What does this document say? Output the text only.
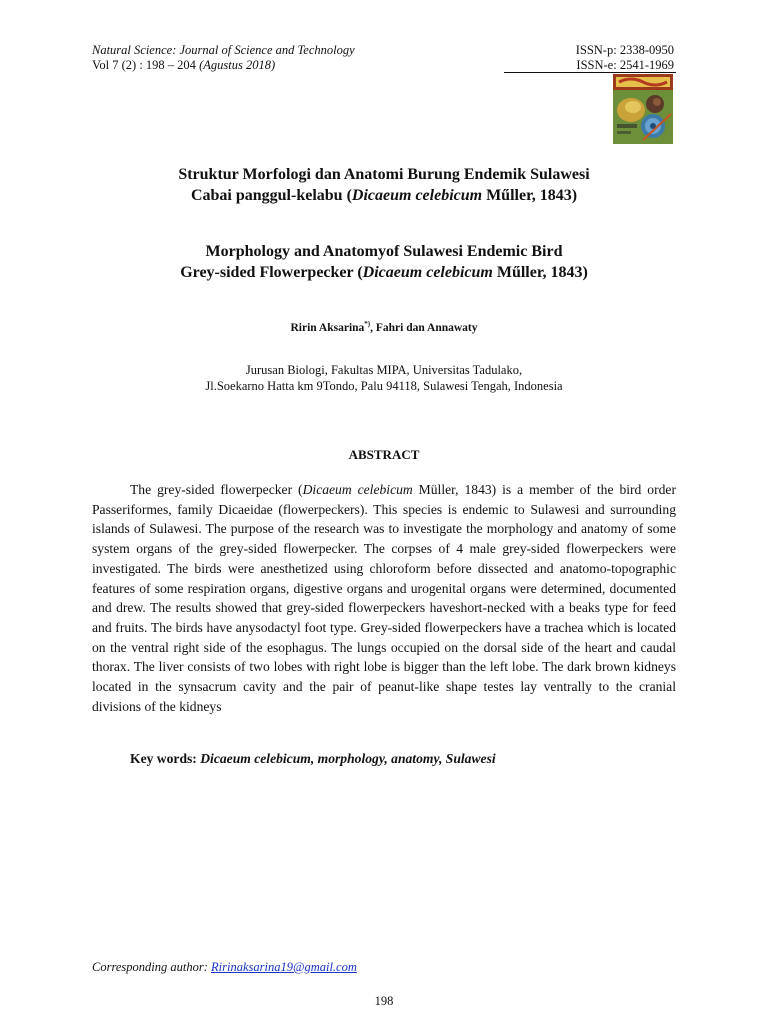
Natural Science: Journal of Science and Technology
Vol 7 (2) : 198 – 204 (Agustus 2018)
ISSN-p: 2338-0950
ISSN-e: 2541-1969
Struktur Morfologi dan Anatomi Burung Endemik Sulawesi
Cabai panggul-kelabu (Dicaeum celebicum Műller, 1843)
Morphology and Anatomyof Sulawesi Endemic Bird
Grey-sided Flowerpecker (Dicaeum celebicum Műller, 1843)
Ririn Aksarina*), Fahri dan Annawaty
Jurusan Biologi, Fakultas MIPA, Universitas Tadulako,
Jl.Soekarno Hatta km 9Tondo, Palu 94118, Sulawesi Tengah, Indonesia
ABSTRACT

The grey-sided flowerpecker (Dicaeum celebicum Müller, 1843) is a member of the bird order Passeriformes, family Dicaeidae (flowerpeckers). This species is endemic to Sulawesi and surrounding islands of Sulawesi. The purpose of the research was to investigate the morphology and anatomy of some system organs of the grey-sided flowerpecker. The corpses of 4 male grey-sided flowerpeckers were investigated. The birds were anesthetized using chloroform before dissected and anatomo-topographic features of some respiration organs, digestive organs and urogenital organs were determined, documented and drew. The results showed that grey-sided flowerpeckers haveshort-necked with a beaks type for feed and fruits. The birds have anysodactyl foot type. Grey-sided flowerpeckers have a trachea which is located on the ventral right side of the esophagus. The lungs occupied on the dorsal side of the heart and caudal thorax. The liver consists of two lobes with right lobe is bigger than the left lobe. The dark brown kidneys located in the synsacrum cavity and the pair of peanut-like shape testes lay ventrally to the cranial divisions of the kidneys

Key words: Dicaeum celebicum, morphology, anatomy, Sulawesi
Corresponding author: Ririnaksarina19@gmail.com
198
